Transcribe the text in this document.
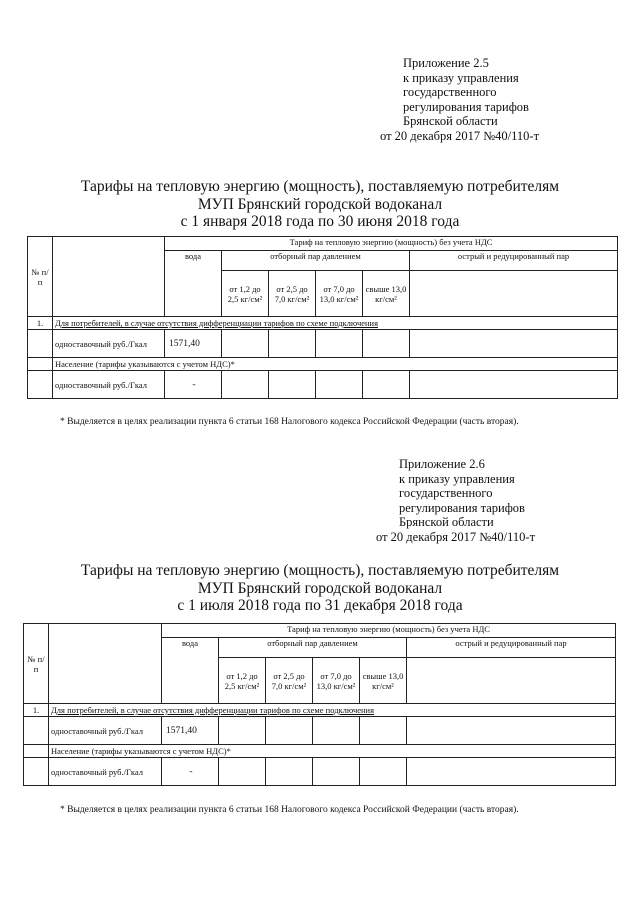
Приложение 2.5
к приказу управления
государственного
регулирования тарифов
Брянской области
от 20 декабря 2017 №40/110-т
Тарифы на тепловую энергию (мощность), поставляемую потребителям
МУП Брянский городской водоканал
с 1 января 2018 года по 30 июня 2018 года
№ п/п		Тариф на тепловую энергию (мощность) без учета НДС					
		вода	отборный пар давлением				острый и редуцированный пар
			от 1,2 до 2,5 кг/см²	от 2,5 до 7,0 кг/см²	от 7,0 до 13,0 кг/см²	свыше 13,0 кг/см²	
1.	Для потребителей, в случае отсутствия дифференциации тарифов по схеме подключения						
	одноставочный руб./Гкал	1571,40					
	Население (тарифы указываются с учетом НДС)*						
	одноставочный руб./Гкал	-					
* Выделяется в целях реализации пункта 6 статьи 168 Налогового кодекса Российской Федерации (часть вторая).
Приложение 2.6
к приказу управления
государственного
регулирования тарифов
Брянской области
от 20 декабря 2017 №40/110-т
Тарифы на тепловую энергию (мощность), поставляемую потребителям
МУП Брянский городской водоканал
с 1 июля 2018 года по 31 декабря 2018 года
№ п/п		Тариф на тепловую энергию (мощность) без учета НДС					
		вода	отборный пар давлением				острый и редуцированный пар
			от 1,2 до 2,5 кг/см²	от 2,5 до 7,0 кг/см²	от 7,0 до 13,0 кг/см²	свыше 13,0 кг/см²	
1.	Для потребителей, в случае отсутствия дифференциации тарифов по схеме подключения						
	одноставочный руб./Гкал	1571,40					
	Население (тарифы указываются с учетом НДС)*						
	одноставочный руб./Гкал	-					
* Выделяется в целях реализации пункта 6 статьи 168 Налогового кодекса Российской Федерации (часть вторая).
